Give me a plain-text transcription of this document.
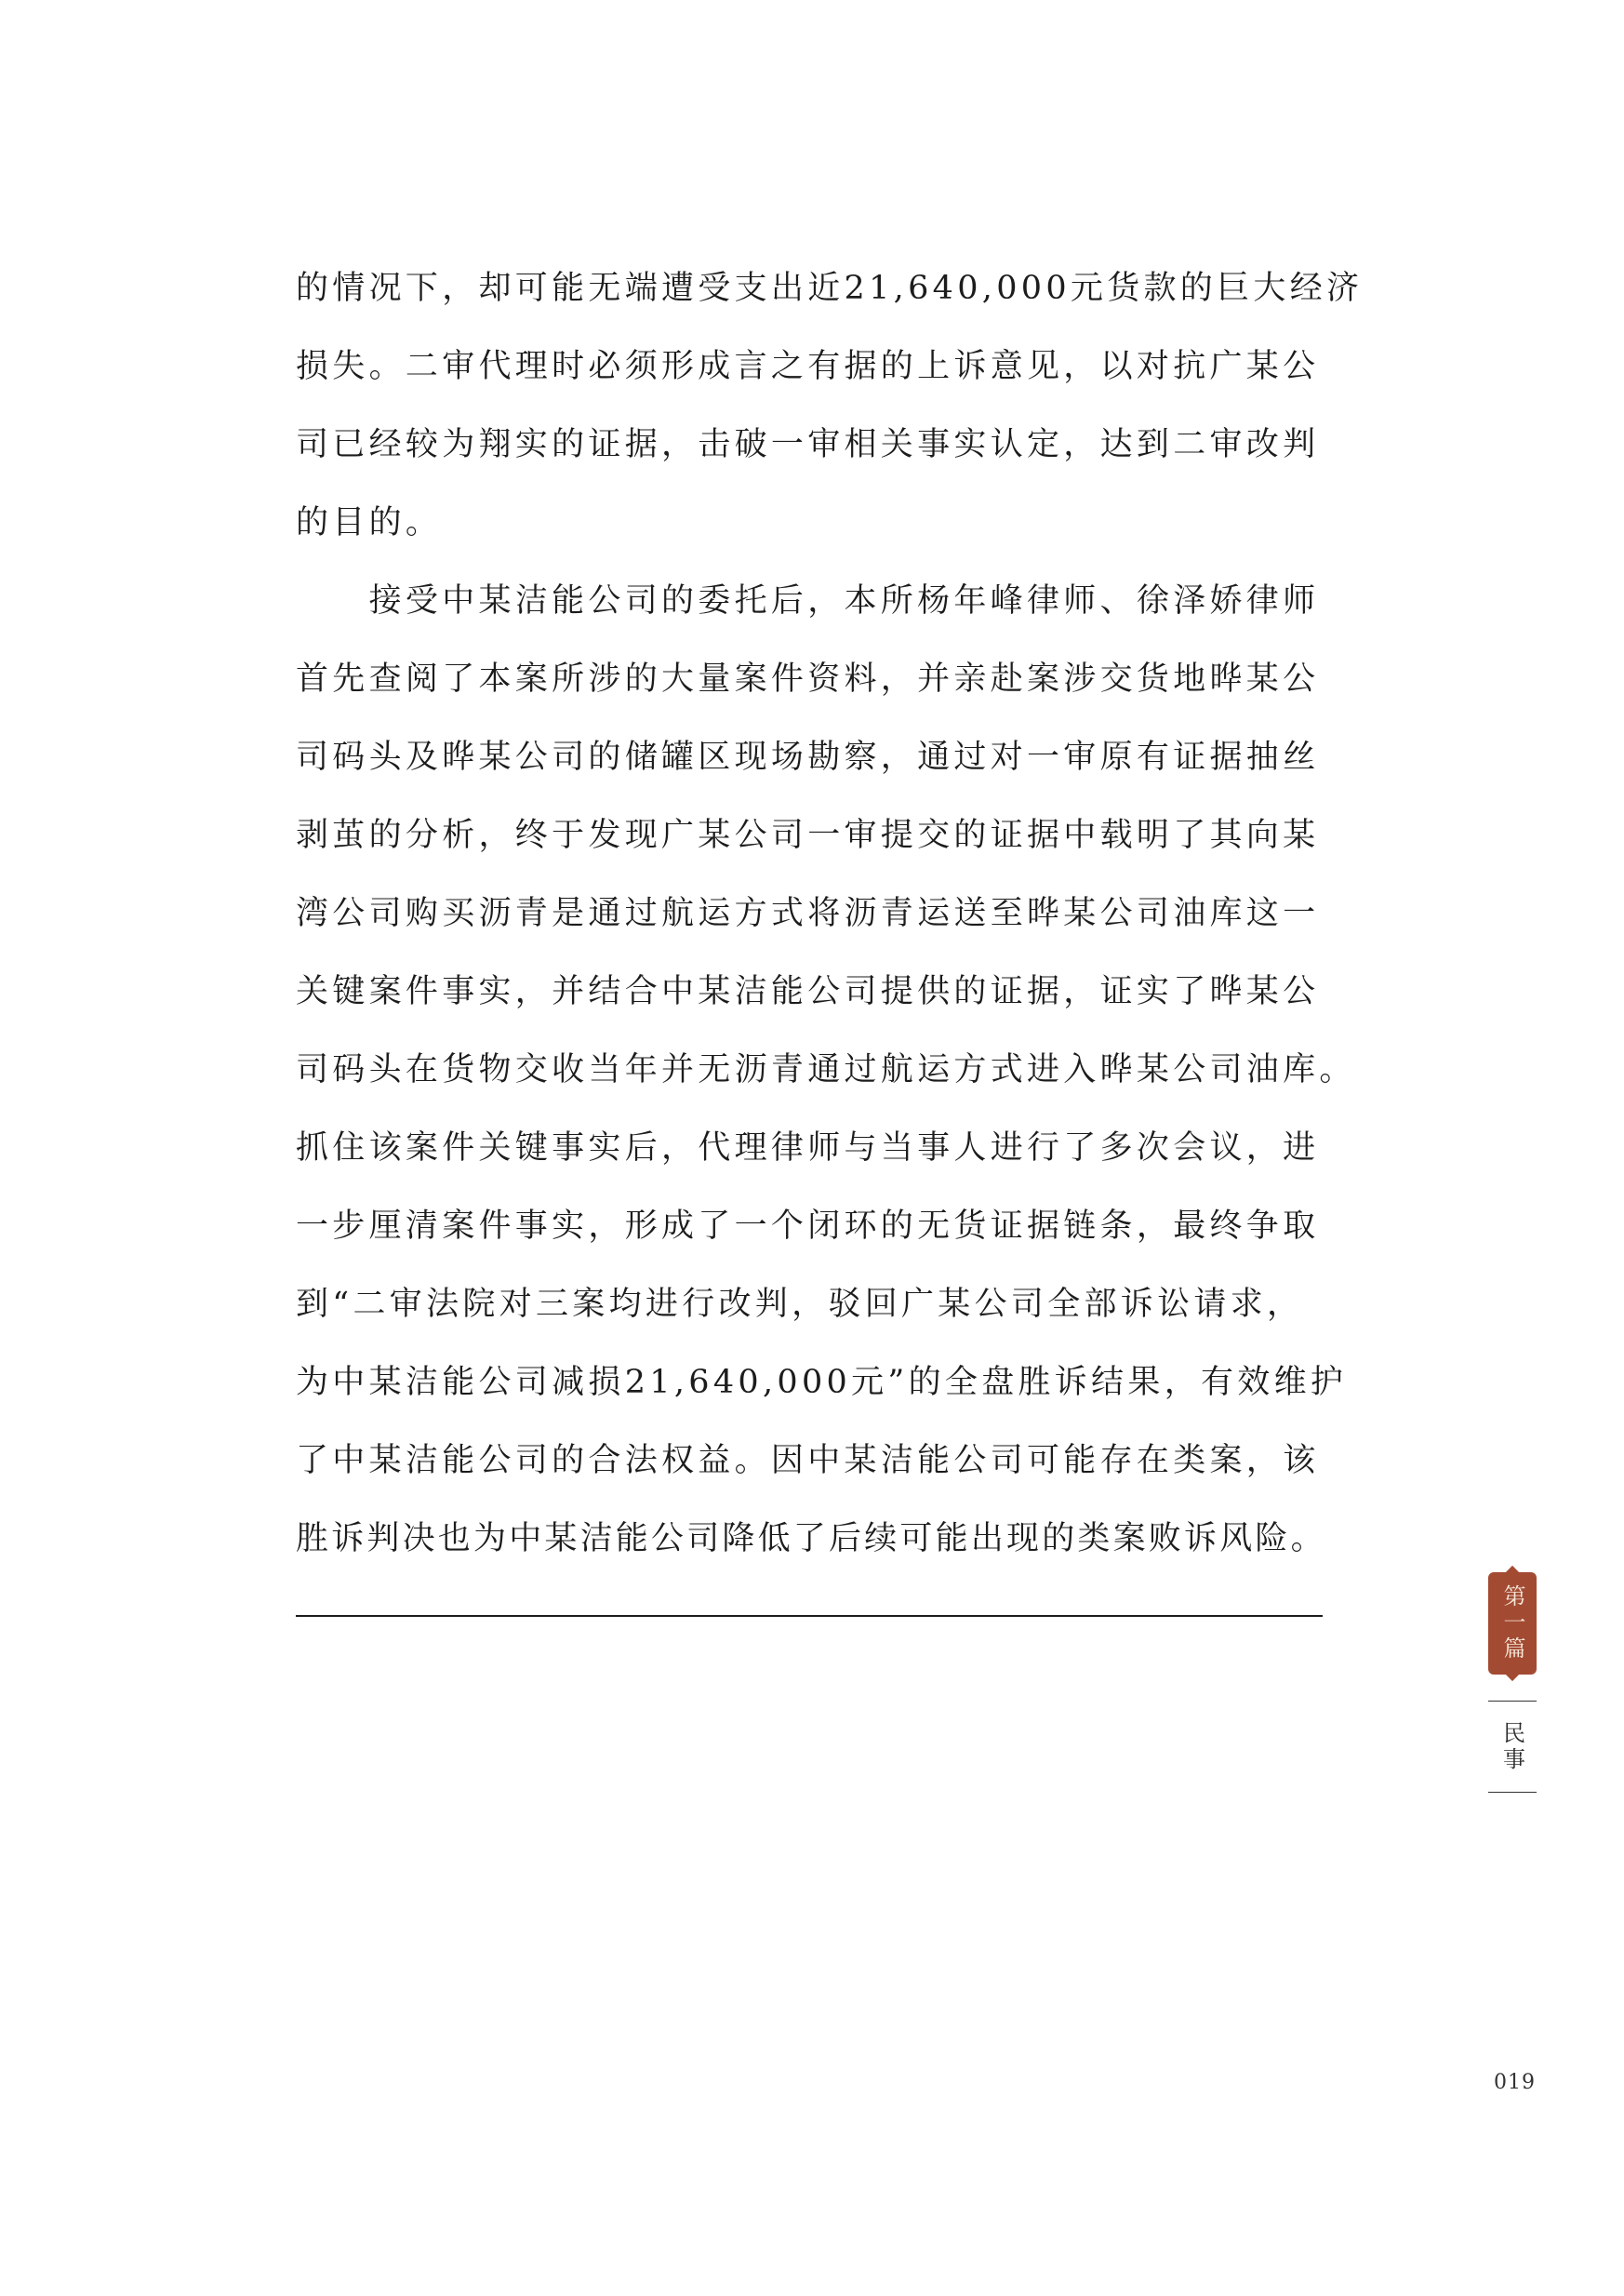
的情况下，却可能无端遭受支出近21,640,000元货款的巨大经济
损失。二审代理时必须形成言之有据的上诉意见，以对抗广某公
司已经较为翔实的证据，击破一审相关事实认定，达到二审改判
的目的。
　　接受中某洁能公司的委托后，本所杨年峰律师、徐泽娇律师
首先查阅了本案所涉的大量案件资料，并亲赴案涉交货地晔某公
司码头及晔某公司的储罐区现场勘察，通过对一审原有证据抽丝
剥茧的分析，终于发现广某公司一审提交的证据中载明了其向某
湾公司购买沥青是通过航运方式将沥青运送至晔某公司油库这一
关键案件事实，并结合中某洁能公司提供的证据，证实了晔某公
司码头在货物交收当年并无沥青通过航运方式进入晔某公司油库。
抓住该案件关键事实后，代理律师与当事人进行了多次会议，进
一步厘清案件事实，形成了一个闭环的无货证据链条，最终争取
到“二审法院对三案均进行改判，驳回广某公司全部诉讼请求，
为中某洁能公司减损21,640,000元”的全盘胜诉结果，有效维护
了中某洁能公司的合法权益。因中某洁能公司可能存在类案，该
胜诉判决也为中某洁能公司降低了后续可能出现的类案败诉风险。
第一篇
民事
019
